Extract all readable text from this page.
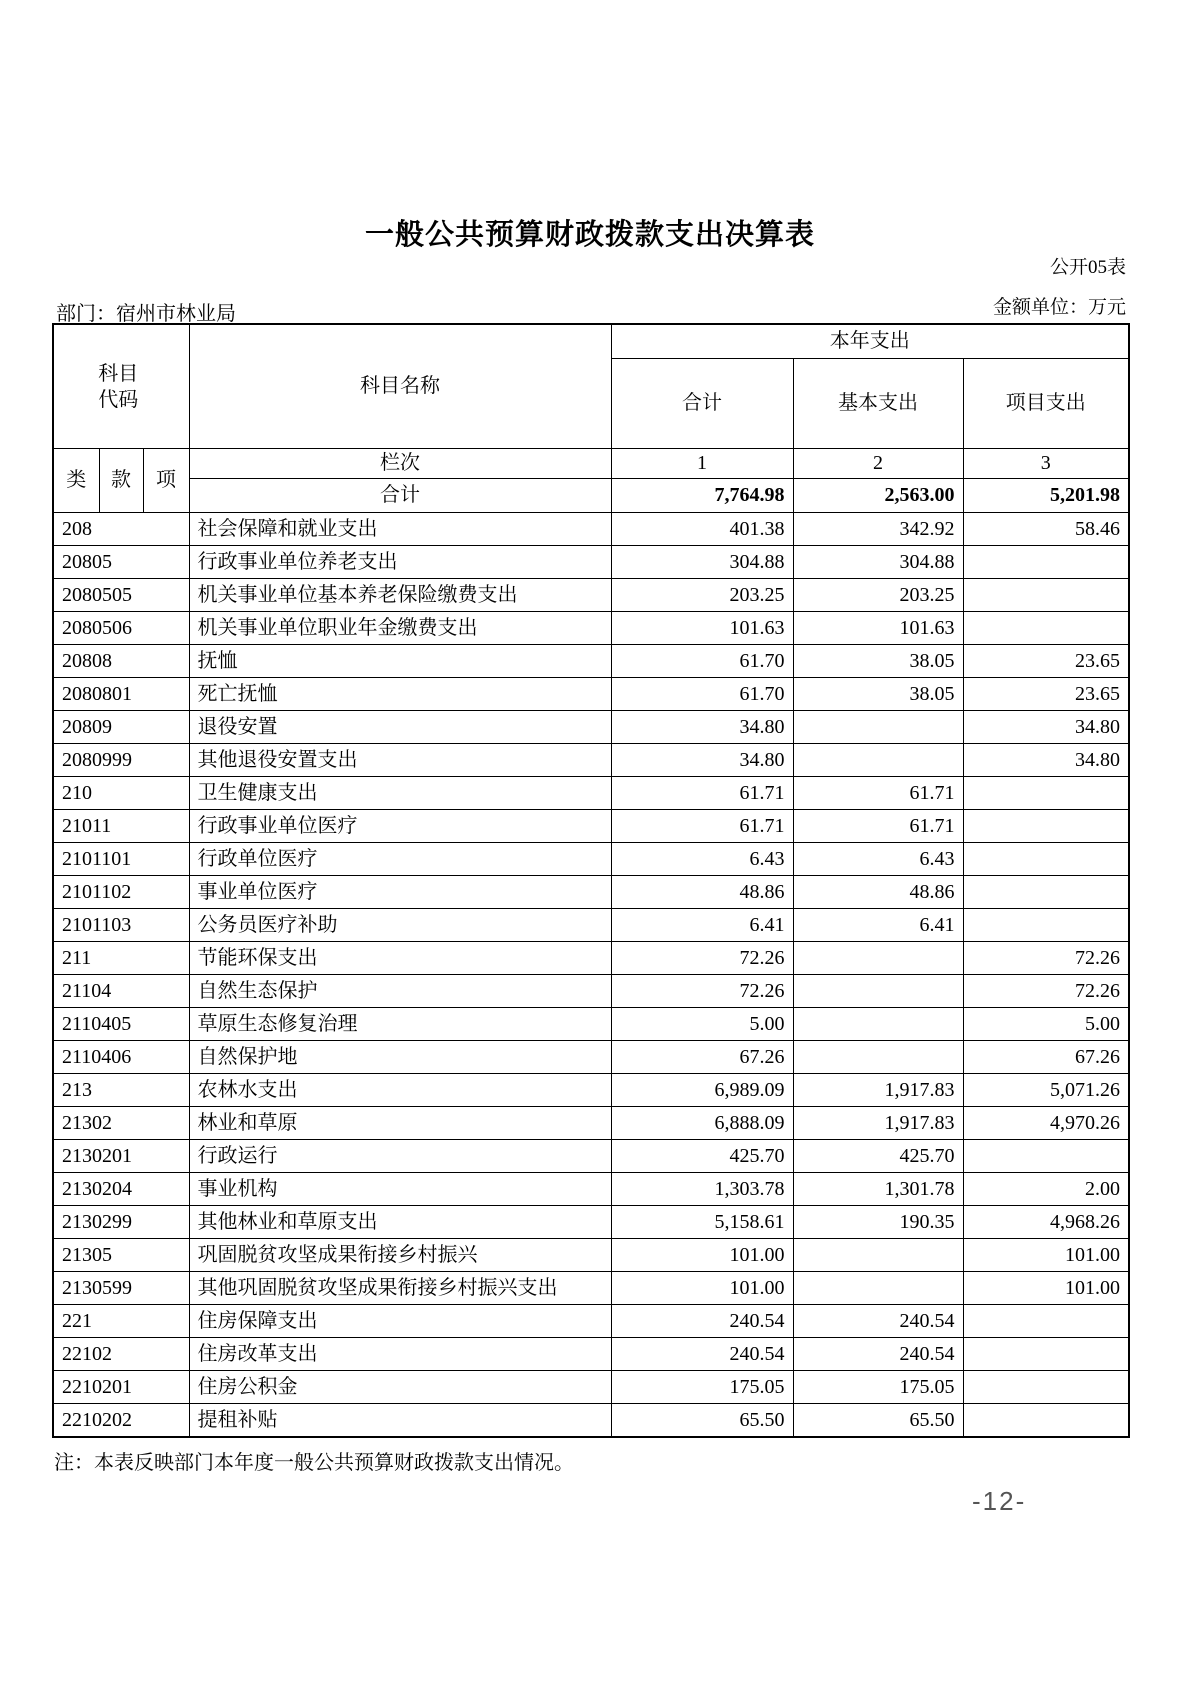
一般公共预算财政拨款支出决算表
公开05表
部门：宿州市林业局	金额单位：万元
科目代码			科目名称	本年支出		
				合计	基本支出	项目支出
类	款	项	栏次	1	2	3
			合计	7,764.98	2,563.00	5,201.98
208			社会保障和就业支出	401.38	342.92	58.46
20805			行政事业单位养老支出	304.88	304.88	
2080505			机关事业单位基本养老保险缴费支出	203.25	203.25	
2080506			机关事业单位职业年金缴费支出	101.63	101.63	
20808			抚恤	61.70	38.05	23.65
2080801			死亡抚恤	61.70	38.05	23.65
20809			退役安置	34.80		34.80
2080999			其他退役安置支出	34.80		34.80
210			卫生健康支出	61.71	61.71	
21011			行政事业单位医疗	61.71	61.71	
2101101			行政单位医疗	6.43	6.43	
2101102			事业单位医疗	48.86	48.86	
2101103			公务员医疗补助	6.41	6.41	
211			节能环保支出	72.26		72.26
21104			自然生态保护	72.26		72.26
2110405			草原生态修复治理	5.00		5.00
2110406			自然保护地	67.26		67.26
213			农林水支出	6,989.09	1,917.83	5,071.26
21302			林业和草原	6,888.09	1,917.83	4,970.26
2130201			行政运行	425.70	425.70	
2130204			事业机构	1,303.78	1,301.78	2.00
2130299			其他林业和草原支出	5,158.61	190.35	4,968.26
21305			巩固脱贫攻坚成果衔接乡村振兴	101.00		101.00
2130599			其他巩固脱贫攻坚成果衔接乡村振兴支出	101.00		101.00
221			住房保障支出	240.54	240.54	
22102			住房改革支出	240.54	240.54	
2210201			住房公积金	175.05	175.05	
2210202			提租补贴	65.50	65.50	
注：本表反映部门本年度一般公共预算财政拨款支出情况。
-12-
